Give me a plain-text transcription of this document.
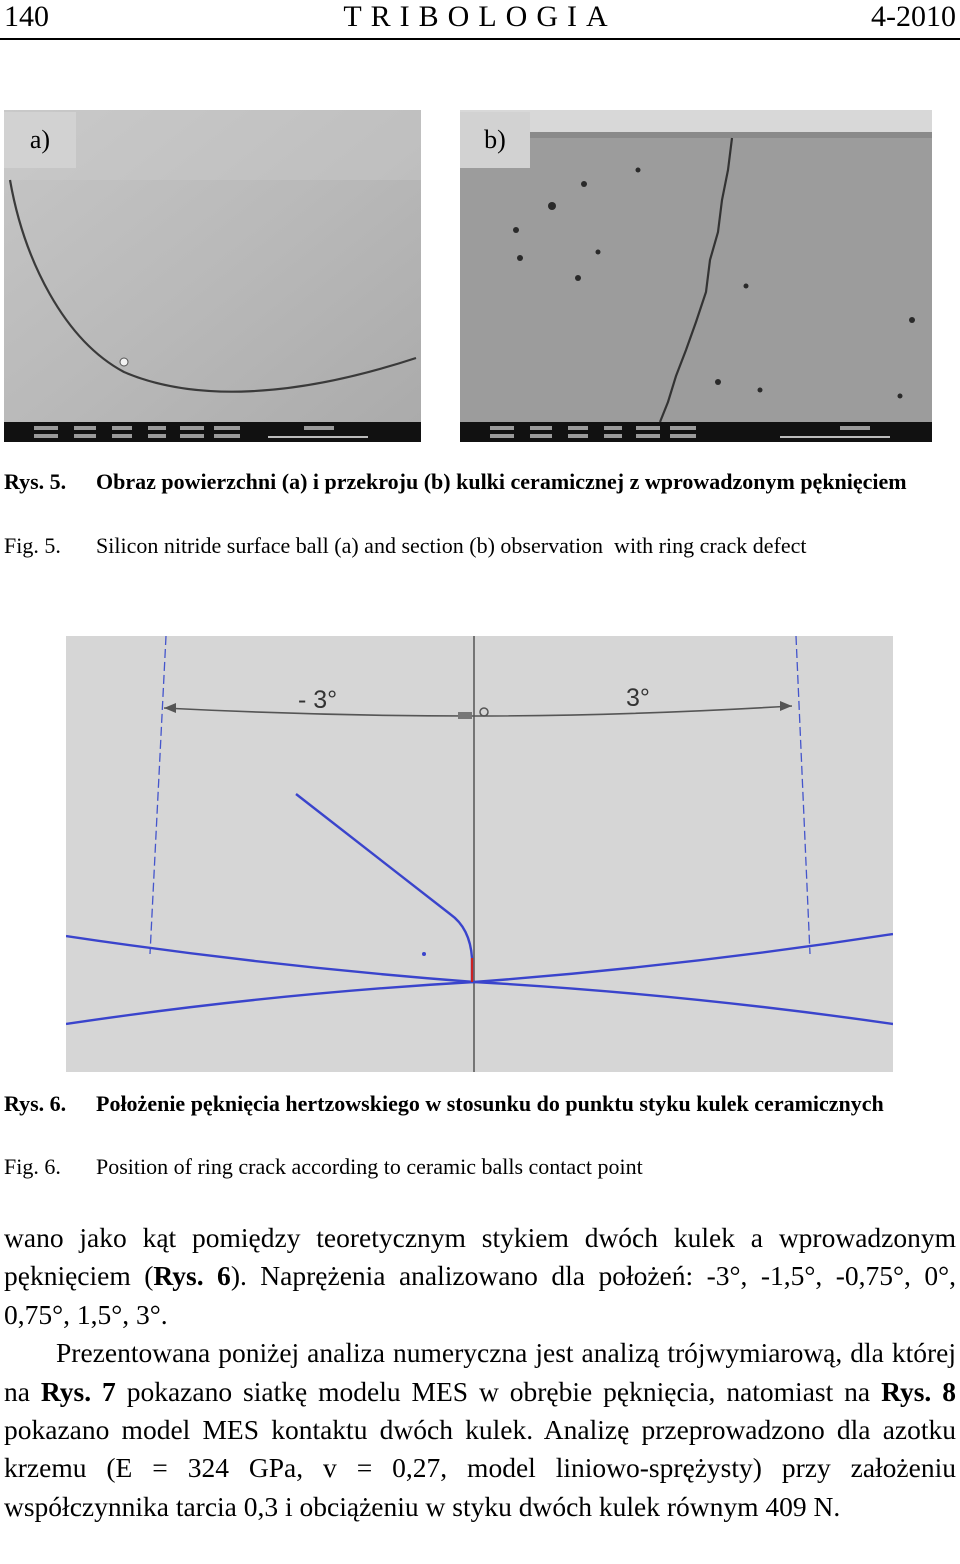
140	TRIBOLOGIA	4-2010
a)	b)
Rys. 5. Obraz powierzchni (a) i przekroju (b) kulki ceramicznej z wprowadzonym pęknięciem
Fig. 5. Silicon nitride surface ball (a) and section (b) observation  with ring crack defect
- 3°	3°
Rys. 6. Położenie pęknięcia hertzowskiego w stosunku do punktu styku kulek ceramicznych
Fig. 6. Position of ring crack according to ceramic balls contact point

wano jako kąt pomiędzy teoretycznym stykiem dwóch kulek a wprowadzonym pęknięciem (Rys. 6). Naprężenia analizowano dla położeń: -3°, -1,5°, -0,75°, 0°, 0,75°, 1,5°, 3°.

Prezentowana poniżej analiza numeryczna jest analizą trójwymiarową, dla której na Rys. 7 pokazano siatkę modelu MES w obrębie pęknięcia, natomiast na Rys. 8 pokazano model MES kontaktu dwóch kulek. Analizę przeprowadzono dla azotku krzemu (E = 324 GPa, v = 0,27, model liniowo-sprężysty) przy założeniu współczynnika tarcia 0,3 i obciążeniu w styku dwóch kulek równym 409 N.
